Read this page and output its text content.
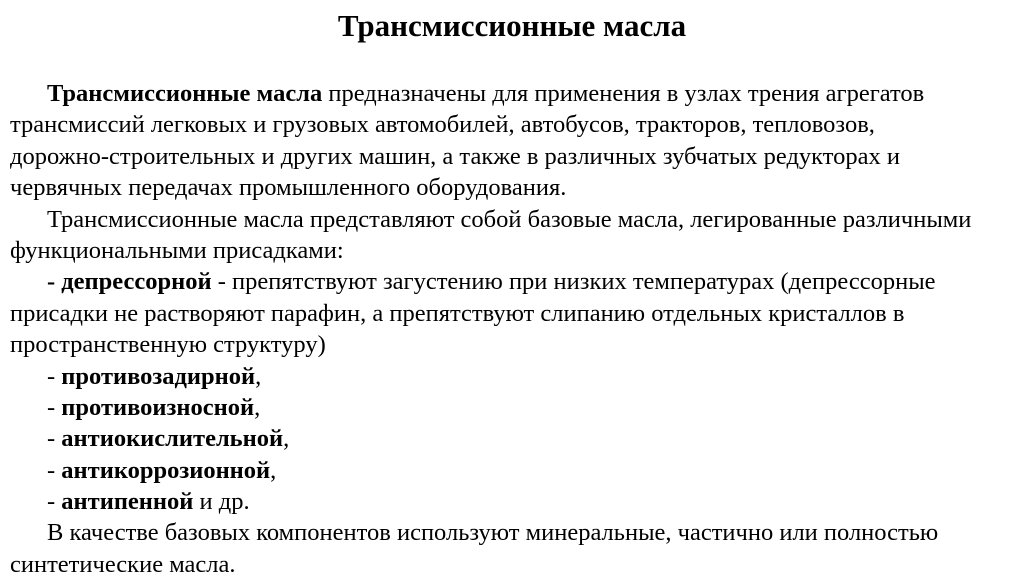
Трансмиссионные масла
Трансмиссионные масла предназначены для применения в узлах трения агрегатов
трансмиссий легковых и грузовых автомобилей, автобусов, тракторов, тепловозов,
дорожно-строительных и других машин, а также в различных зубчатых редукторах и
червячных передачах промышленного оборудования.
Трансмиссионные масла представляют собой базовые масла, легированные различными
функциональными присадками:
- депрессорной - препятствуют загустению при низких температурах (депрессорные
присадки не растворяют парафин, а препятствуют слипанию отдельных кристаллов в
пространственную структуру)
- противозадирной,
- противоизносной,
- антиокислительной,
- антикоррозионной,
- антипенной и др.
В качестве базовых компонентов используют минеральные, частично или полностью
синтетические масла.
